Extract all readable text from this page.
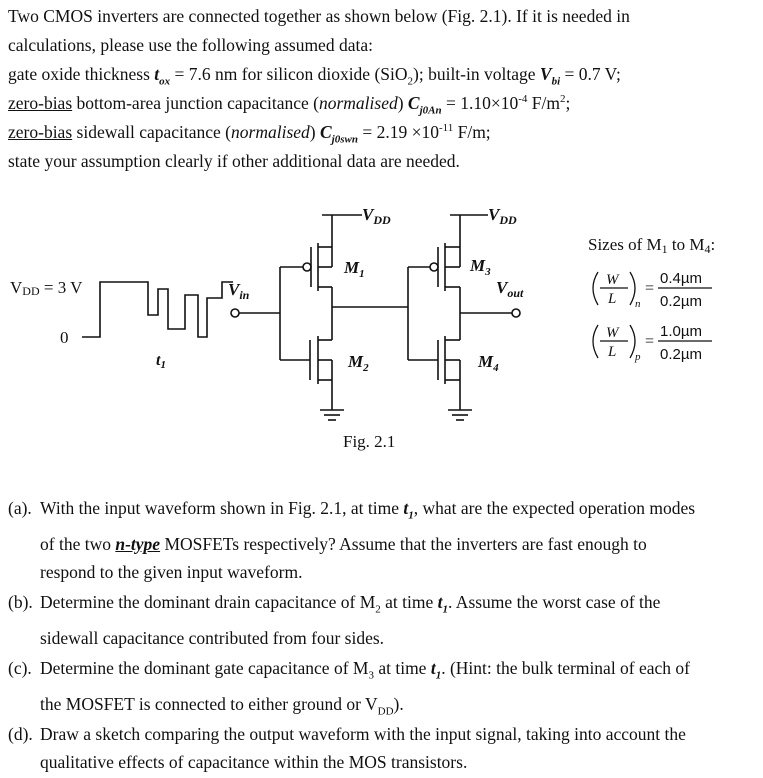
Two CMOS inverters are connected together as shown below (Fig. 2.1). If it is needed in
calculations, please use the following assumed data:
gate oxide thickness $t_{ox} = 7.6$ nm for silicon dioxide (SiO$_2$); built-in voltage $V_{bi} = 0.7$ V;
zero-bias bottom-area junction capacitance (normalised) $C_{j0An} = 1.10\times 10^{-4}$ $F/m^2$;
zero-bias sidewall capacitance (normalised) $C_{j0swn} = 2.19 \times 10^{-11}$ F/m;
state your assumption clearly if other additional data are needed.
VDD = 3 V
0
t1
$V_{in}$
$V_{DD}$
$M_1$
$M_2$
$V_{DD}$
$V_{out}$
$M_3$
$M_4$
Fig. 2.1
Sizes of M1 to M4:
W
L n
=
0.4µm
0.2µm
W
L p
=
1.0µm
0.2µm
(a). With the input waveform shown in Fig. 2.1, at time $t_1$, what are the expected operation modes
of the two n-type MOSFETs respectively? Assume that the inverters are fast enough to
respond to the given input waveform.
(b). Determine the dominant drain capacitance of $M_2$ at time $t_1$. Assume the worst case of the
sidewall capacitance contributed from four sides.
(c). Determine the dominant gate capacitance of $M_3$ at time $t_1$. (Hint: the bulk terminal of each of
the MOSFET is connected to either ground or $V_{DD}$).
(d). Draw a sketch comparing the output waveform with the input signal, taking into account the
qualitative effects of capacitance within the MOS transistors.
